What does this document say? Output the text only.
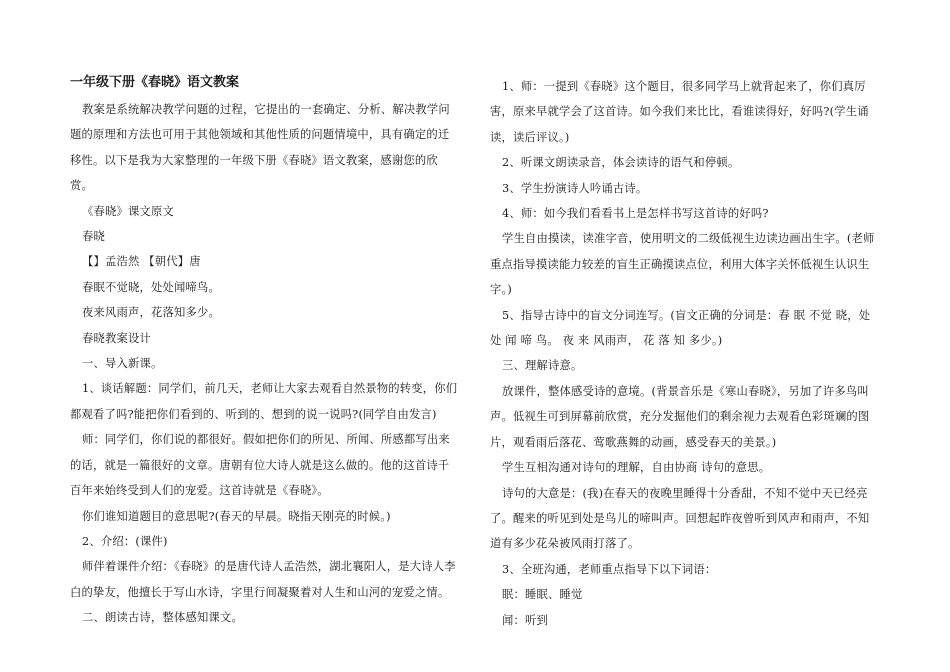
一年级下册《春晓》语文教案

教案是系统解决教学问题的过程，它提出的一套确定、分析、解决教学问题的原理和方法也可用于其他领域和其他性质的问题情境中，具有确定的迁移性。以下是我为大家整理的一年级下册《春晓》语文教案，感谢您的欣赏。

《春晓》课文原文

春晓

【】孟浩然 【朝代】唐

春眠不觉晓，处处闻啼鸟。

夜来风雨声，花落知多少。

春晓教案设计

一、导入新课。

1、谈话解题：同学们，前几天，老师让大家去观看自然景物的转变，你们都观看了吗?能把你们看到的、听到的、想到的说一说吗?(同学自由发言)

师：同学们，你们说的都很好。假如把你们的所见、所闻、所感都写出来的话，就是一篇很好的文章。唐朝有位大诗人就是这么做的。他的这首诗千百年来始终受到人们的宠爱。这首诗就是《春晓》。

你们谁知道题目的意思呢?(春天的早晨。晓指天刚亮的时候。)

2、介绍：(课件)

师伴着课件介绍：《春晓》的是唐代诗人孟浩然，湖北襄阳人，是大诗人李白的挚友，他擅长于写山水诗，字里行间凝聚着对人生和山河的宠爱之情。

二、朗读古诗，整体感知课文。

1、师：一提到《春晓》这个题目，很多同学马上就背起来了，你们真厉害，原来早就学会了这首诗。如今我们来比比，看谁读得好，好吗?(学生诵读，读后评议。)

2、听课文朗读录音，体会读诗的语气和停顿。

3、学生扮演诗人吟诵古诗。

4、师：如今我们看看书上是怎样书写这首诗的好吗?

学生自由摸读，读准字音，使用明文的二级低视生边读边画出生字。(老师重点指导摸读能力较差的盲生正确摸读点位，利用大体字关怀低视生认识生字。)

5、指导古诗中的盲文分词连写。(盲文正确的分词是：春 眠 不觉 晓，处处 闻 啼 鸟。 夜 来 风雨声， 花 落 知 多少。)

三、理解诗意。

放课件，整体感受诗的意境。(背景音乐是《寒山春晓》，另加了许多鸟叫声。低视生可到屏幕前欣赏，充分发掘他们的剩余视力去观看色彩斑斓的图片，观看雨后落花、莺歌燕舞的动画，感受春天的美景。)

学生互相沟通对诗句的理解，自由协商 诗句的意思。

诗句的大意是：(我)在春天的夜晚里睡得十分香甜，不知不觉中天已经亮了。醒来的听见到处是鸟儿的啼叫声。回想起昨夜曾听到风声和雨声，不知道有多少花朵被风雨打落了。

3、全班沟通，老师重点指导下以下词语：

眠：睡眠、睡觉

闻：听到
